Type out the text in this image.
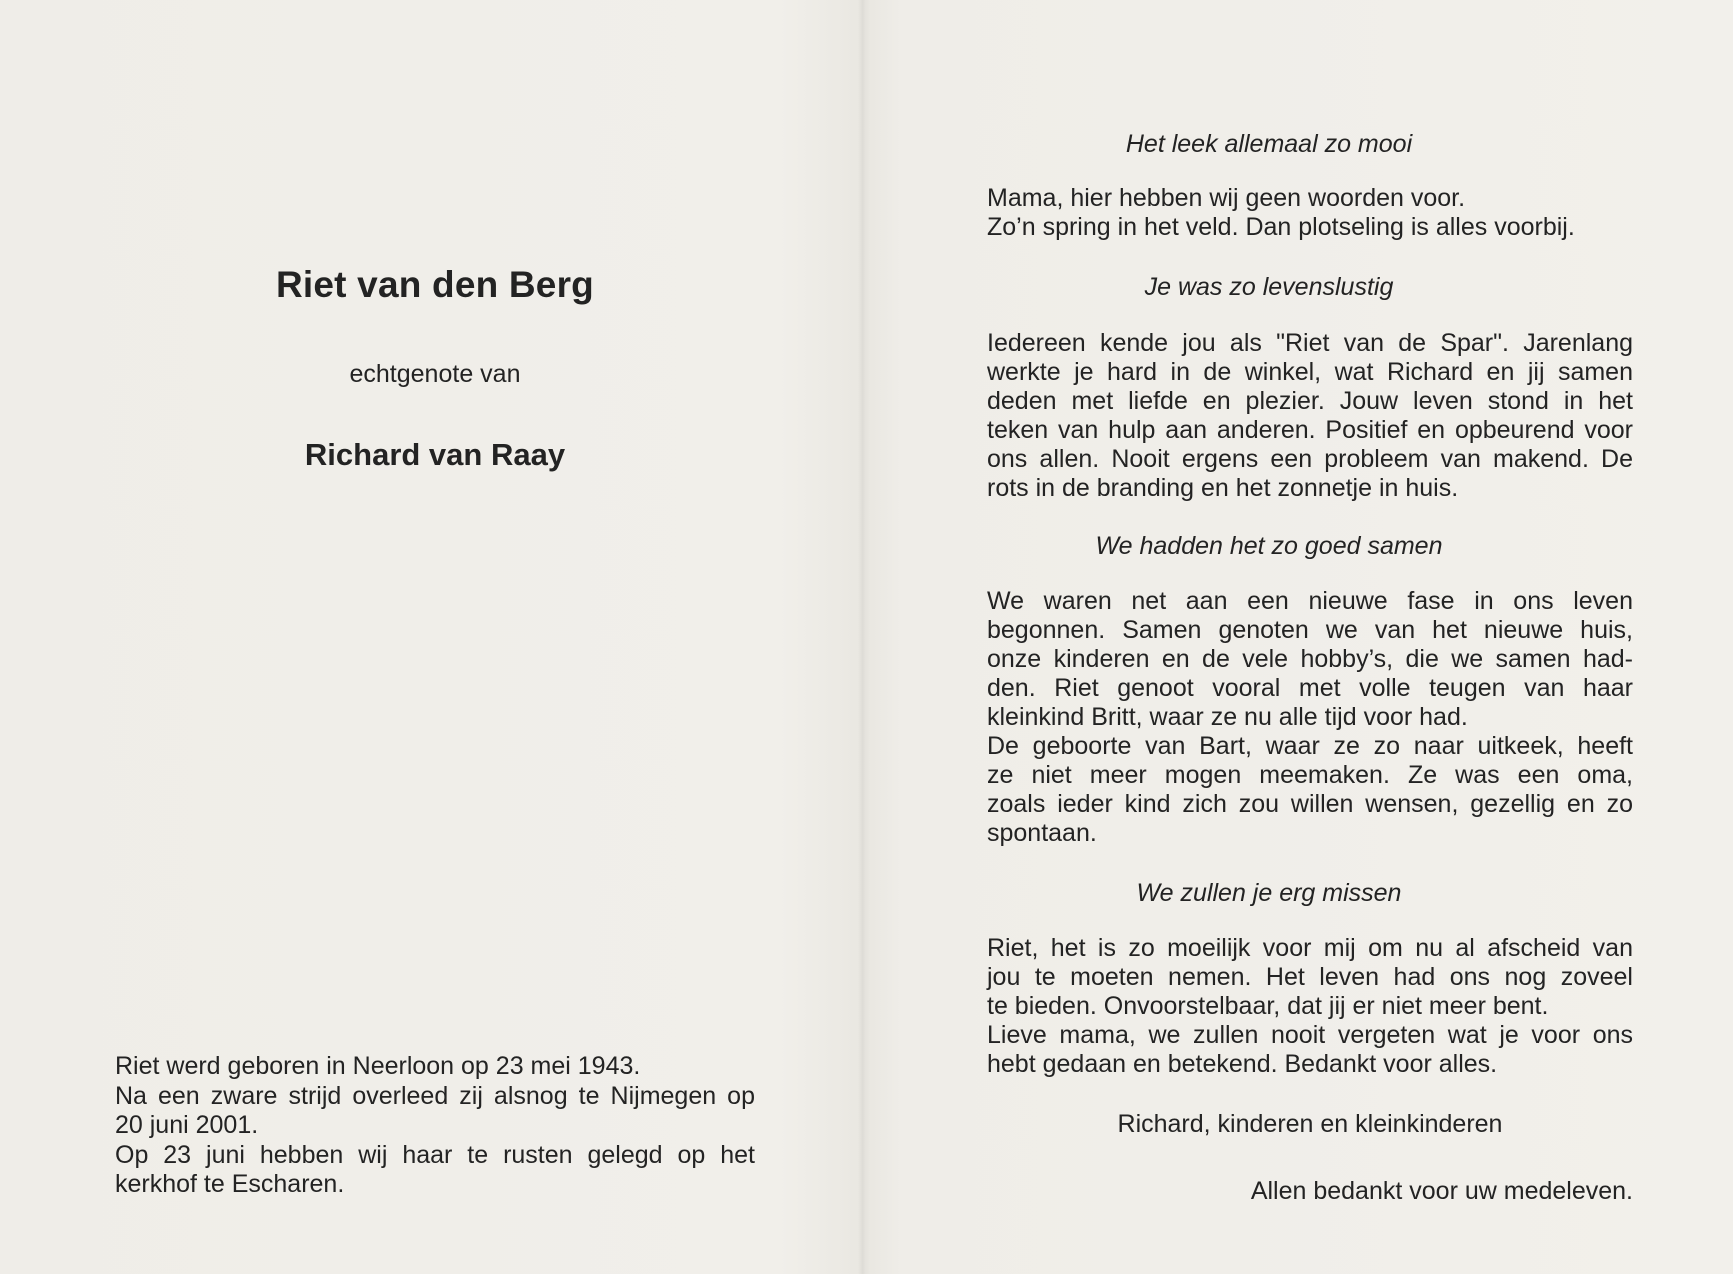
Riet van den Berg
echtgenote van
Richard van Raay
Riet werd geboren in Neerloon op 23 mei 1943.
Na een zware strijd overleed zij alsnog te Nijmegen op
20 juni 2001.
Op 23 juni hebben wij haar te rusten gelegd op het
kerkhof te Escharen.
Het leek allemaal zo mooi
Mama, hier hebben wij geen woorden voor.
Zo’n spring in het veld. Dan plotseling is alles voorbij.
Je was zo levenslustig
Iedereen kende jou als "Riet van de Spar". Jarenlang
werkte je hard in de winkel, wat Richard en jij samen
deden met liefde en plezier. Jouw leven stond in het
teken van hulp aan anderen. Positief en opbeurend voor
ons allen. Nooit ergens een probleem van makend. De
rots in de branding en het zonnetje in huis.
We hadden het zo goed samen
We waren net aan een nieuwe fase in ons leven
begonnen. Samen genoten we van het nieuwe huis,
onze kinderen en de vele hobby’s, die we samen had-
den. Riet genoot vooral met volle teugen van haar
kleinkind Britt, waar ze nu alle tijd voor had.
De geboorte van Bart, waar ze zo naar uitkeek, heeft
ze niet meer mogen meemaken. Ze was een oma,
zoals ieder kind zich zou willen wensen, gezellig en zo
spontaan.
We zullen je erg missen
Riet, het is zo moeilijk voor mij om nu al afscheid van
jou te moeten nemen. Het leven had ons nog zoveel
te bieden. Onvoorstelbaar, dat jij er niet meer bent.
Lieve mama, we zullen nooit vergeten wat je voor ons
hebt gedaan en betekend. Bedankt voor alles.
Richard, kinderen en kleinkinderen
Allen bedankt voor uw medeleven.
